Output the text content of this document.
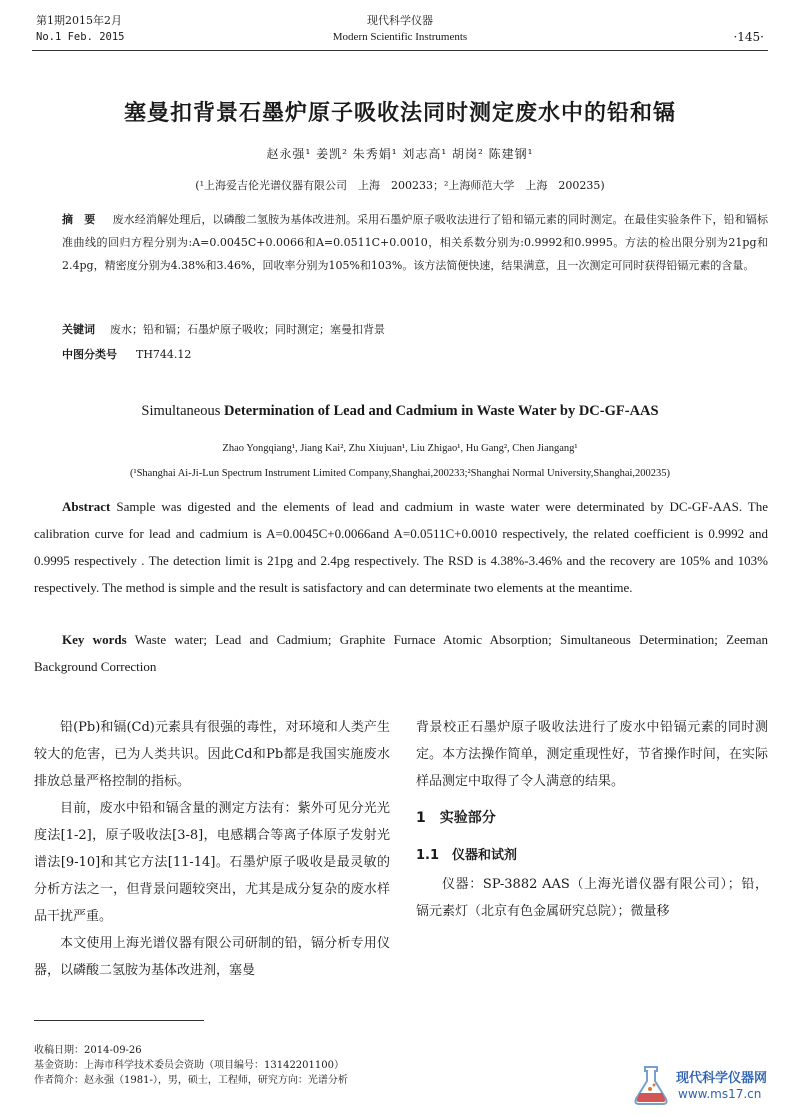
第1期2015年2月
No.1 Feb. 2015
现代科学仪器
Modern Scientific Instruments	·145·
塞曼扣背景石墨炉原子吸收法同时测定废水中的铅和镉
赵永强¹ 姜凯² 朱秀娟¹ 刘志高¹ 胡岗² 陈建钢¹
(¹上海爱吉伦光谱仪器有限公司　上海　200233；²上海师范大学　上海　200235)
摘　要 废水经消解处理后，以磷酸二氢胺为基体改进剂。采用石墨炉原子吸收法进行了铅和镉元素的同时测定。在最佳实验条件下，铅和镉标准曲线的回归方程分别为:A=0.0045C+0.0066和A=0.0511C+0.0010，相关系数分别为:0.9992和0.9995。方法的检出限分别为21pg和2.4pg，精密度分别为4.38%和3.46%，回收率分别为105%和103%。该方法简便快速，结果满意，且一次测定可同时获得铅镉元素的含量。
关键词 废水；铅和镉；石墨炉原子吸收；同时测定；塞曼扣背景
中图分类号 TH744.12
Simultaneous Determination of Lead and Cadmium in Waste Water by DC-GF-AAS
Zhao Yongqiang¹, Jiang Kai², Zhu Xiujuan¹, Liu Zhigao¹, Hu Gang², Chen Jiangang¹
(¹Shanghai Ai-Ji-Lun Spectrum Instrument Limited Company,Shanghai,200233;²Shanghai Normal University,Shanghai,200235)
Abstract Sample was digested and the elements of lead and cadmium in waste water were determinated by DC-GF-AAS. The calibration curve for lead and cadmium is A=0.0045C+0.0066and A=0.0511C+0.0010 respectively, the related coefficient is 0.9992 and 0.9995 respectively . The detection limit is 21pg and 2.4pg respectively. The RSD is 4.38%-3.46% and the recovery are 105% and 103% respectively. The method is simple and the result is satisfactory and can determinate two elements at the meantime.
Key words Waste water; Lead and Cadmium; Graphite Furnace Atomic Absorption; Simultaneous Determination; Zeeman Background Correction

铅(Pb)和镉(Cd)元素具有很强的毒性，对环境和人类产生较大的危害，已为人类共识。因此Cd和Pb都是我国实施废水排放总量严格控制的指标。

目前，废水中铅和镉含量的测定方法有：紫外可见分光光度法[1-2]，原子吸收法[3-8]，电感耦合等离子体原子发射光谱法[9-10]和其它方法[11-14]。石墨炉原子吸收是最灵敏的分析方法之一，但背景问题较突出，尤其是成分复杂的废水样品干扰严重。

本文使用上海光谱仪器有限公司研制的铅，镉分析专用仪器，以磷酸二氢胺为基体改进剂，塞曼

背景校正石墨炉原子吸收法进行了废水中铅镉元素的同时测定。本方法操作简单，测定重现性好，节省操作时间，在实际样品测定中取得了令人满意的结果。

1　实验部分

1.1　仪器和试剂

仪器：SP-3882 AAS（上海光谱仪器有限公司）；铅，镉元素灯（北京有色金属研究总院）；微量移

收稿日期：2014-09-26
基金资助：上海市科学技术委员会资助（项目编号：13142201100）
作者简介：赵永强（1981-），男，硕士，工程师，研究方向：光谱分析	现代科学仪器网
www.ms17.cn
